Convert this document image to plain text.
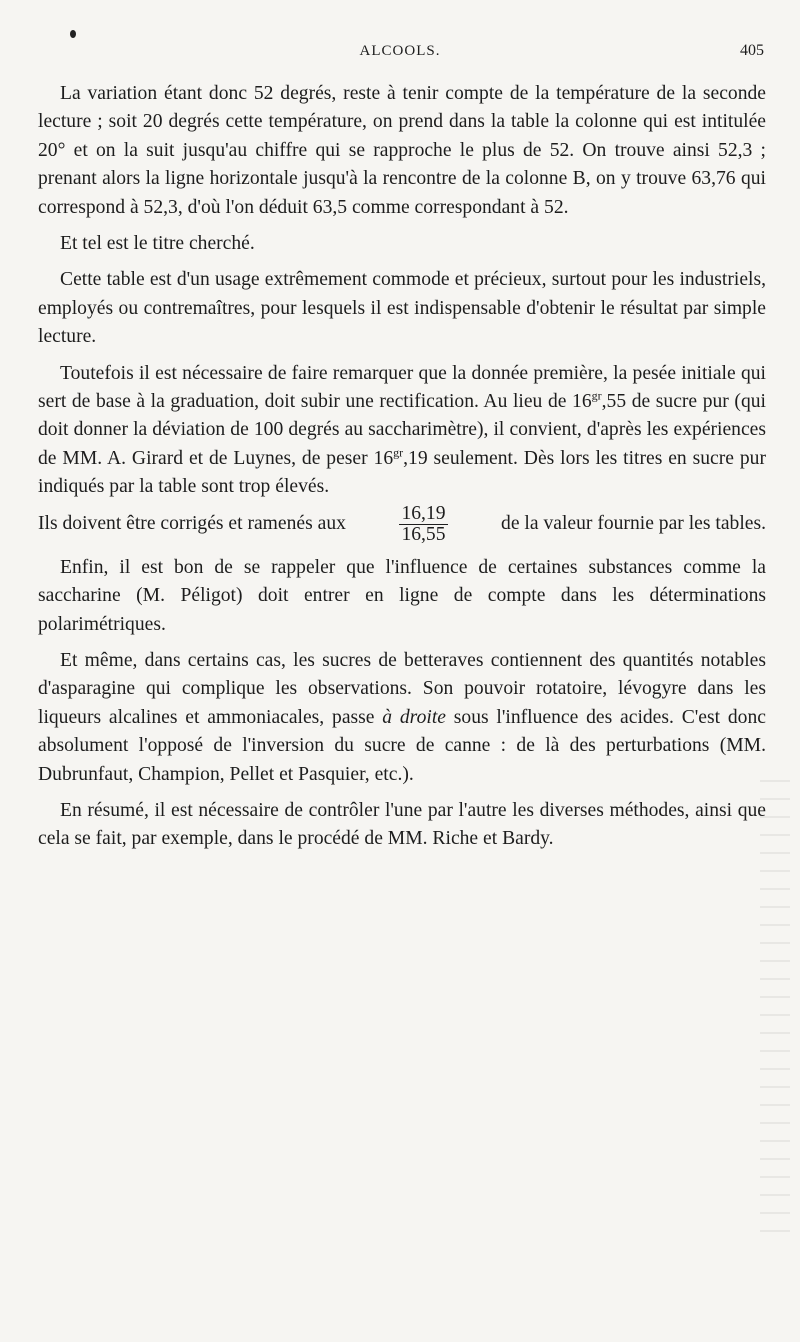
ALCOOLS.	405

La variation étant donc 52 degrés, reste à tenir compte de la température de la seconde lecture ; soit 20 degrés cette température, on prend dans la table la colonne qui est intitulée 20° et on la suit jusqu'au chiffre qui se rapproche le plus de 52. On trouve ainsi 52,3 ; prenant alors la ligne horizontale jusqu'à la rencontre de la colonne B, on y trouve 63,76 qui correspond à 52,3, d'où l'on déduit 63,5 comme correspondant à 52.

Et tel est le titre cherché.

Cette table est d'un usage extrêmement commode et précieux, surtout pour les industriels, employés ou contremaîtres, pour lesquels il est indispensable d'obtenir le résultat par simple lecture.

Toutefois il est nécessaire de faire remarquer que la donnée première, la pesée initiale qui sert de base à la graduation, doit subir une rectification. Au lieu de $16^{gr},55$ de sucre pur (qui doit donner la déviation de 100 degrés au saccharimètre), il convient, d'après les expériences de MM. A. Girard et de Luynes, de peser $16^{gr},19$ seulement. Dès lors les titres en sucre pur indiqués par la table sont trop élevés.

Ils doivent être corrigés et ramenés aux	$\frac{16,19}{16,55}$	de la valeur fournie par les tables.

Enfin, il est bon de se rappeler que l'influence de certaines substances comme la saccharine (M. Péligot) doit entrer en ligne de compte dans les déterminations polarimétriques.

Et même, dans certains cas, les sucres de betteraves contiennent des quantités notables d'asparagine qui complique les observations. Son pouvoir rotatoire, lévogyre dans les liqueurs alcalines et ammoniacales, passe à droite sous l'influence des acides. C'est donc absolument l'opposé de l'inversion du sucre de canne : de là des perturbations (MM. Dubrunfaut, Champion, Pellet et Pasquier, etc.).

En résumé, il est nécessaire de contrôler l'une par l'autre les diverses méthodes, ainsi que cela se fait, par exemple, dans le procédé de MM. Riche et Bardy.
